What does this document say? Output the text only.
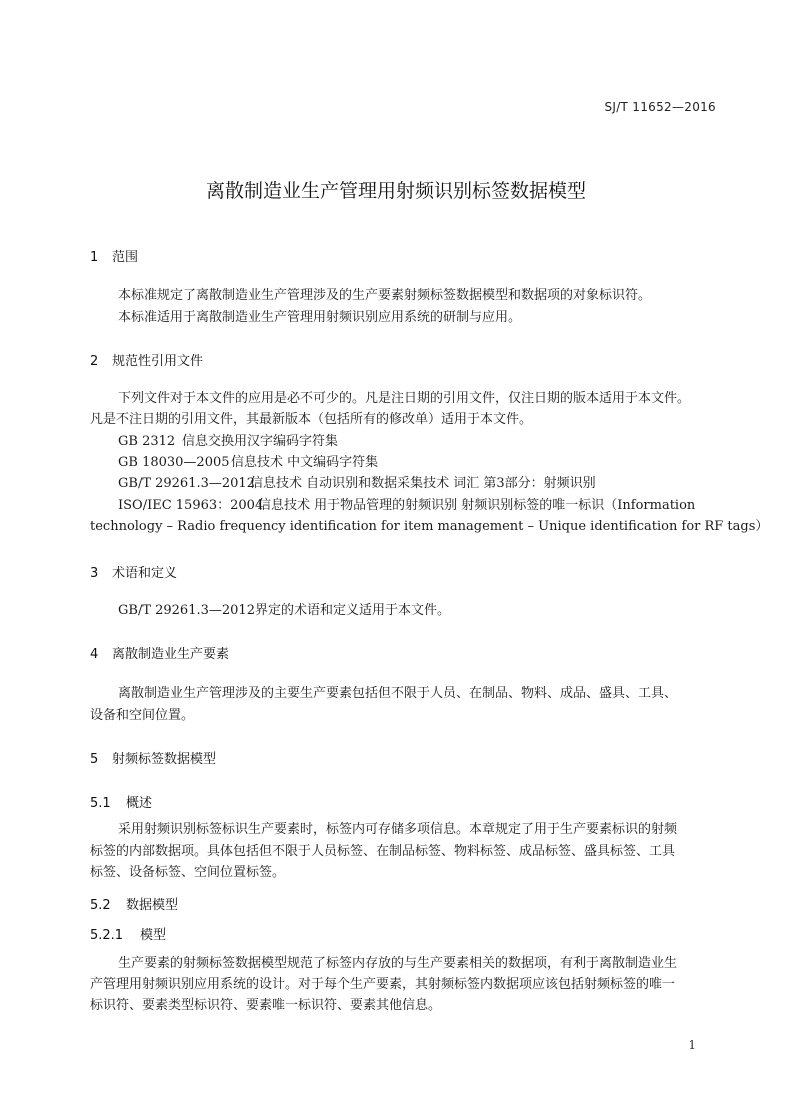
SJ/T 11652—2016
离散制造业生产管理用射频识别标签数据模型
1 范围
本标准规定了离散制造业生产管理涉及的生产要素射频标签数据模型和数据项的对象标识符。
本标准适用于离散制造业生产管理用射频识别应用系统的研制与应用。
2 规范性引用文件
下列文件对于本文件的应用是必不可少的。凡是注日期的引用文件，仅注日期的版本适用于本文件。
凡是不注日期的引用文件，其最新版本（包括所有的修改单）适用于本文件。
GB 2312 信息交换用汉字编码字符集
GB 18030—2005信息技术 中文编码字符集
GB/T 29261.3—2012信息技术 自动识别和数据采集技术 词汇 第3部分：射频识别
ISO/IEC 15963：2004信息技术 用于物品管理的射频识别 射频识别标签的唯一标识（Information
technology – Radio frequency identification for item management – Unique identification for RF tags）
3 术语和定义
GB/T 29261.3—2012界定的术语和定义适用于本文件。
4 离散制造业生产要素
离散制造业生产管理涉及的主要生产要素包括但不限于人员、在制品、物料、成品、盛具、工具、
设备和空间位置。
5 射频标签数据模型
5.1 概述
采用射频识别标签标识生产要素时，标签内可存储多项信息。本章规定了用于生产要素标识的射频
标签的内部数据项。具体包括但不限于人员标签、在制品标签、物料标签、成品标签、盛具标签、工具
标签、设备标签、空间位置标签。
5.2 数据模型
5.2.1 模型
生产要素的射频标签数据模型规范了标签内存放的与生产要素相关的数据项，有利于离散制造业生
产管理用射频识别应用系统的设计。对于每个生产要素，其射频标签内数据项应该包括射频标签的唯一
标识符、要素类型标识符、要素唯一标识符、要素其他信息。
1
